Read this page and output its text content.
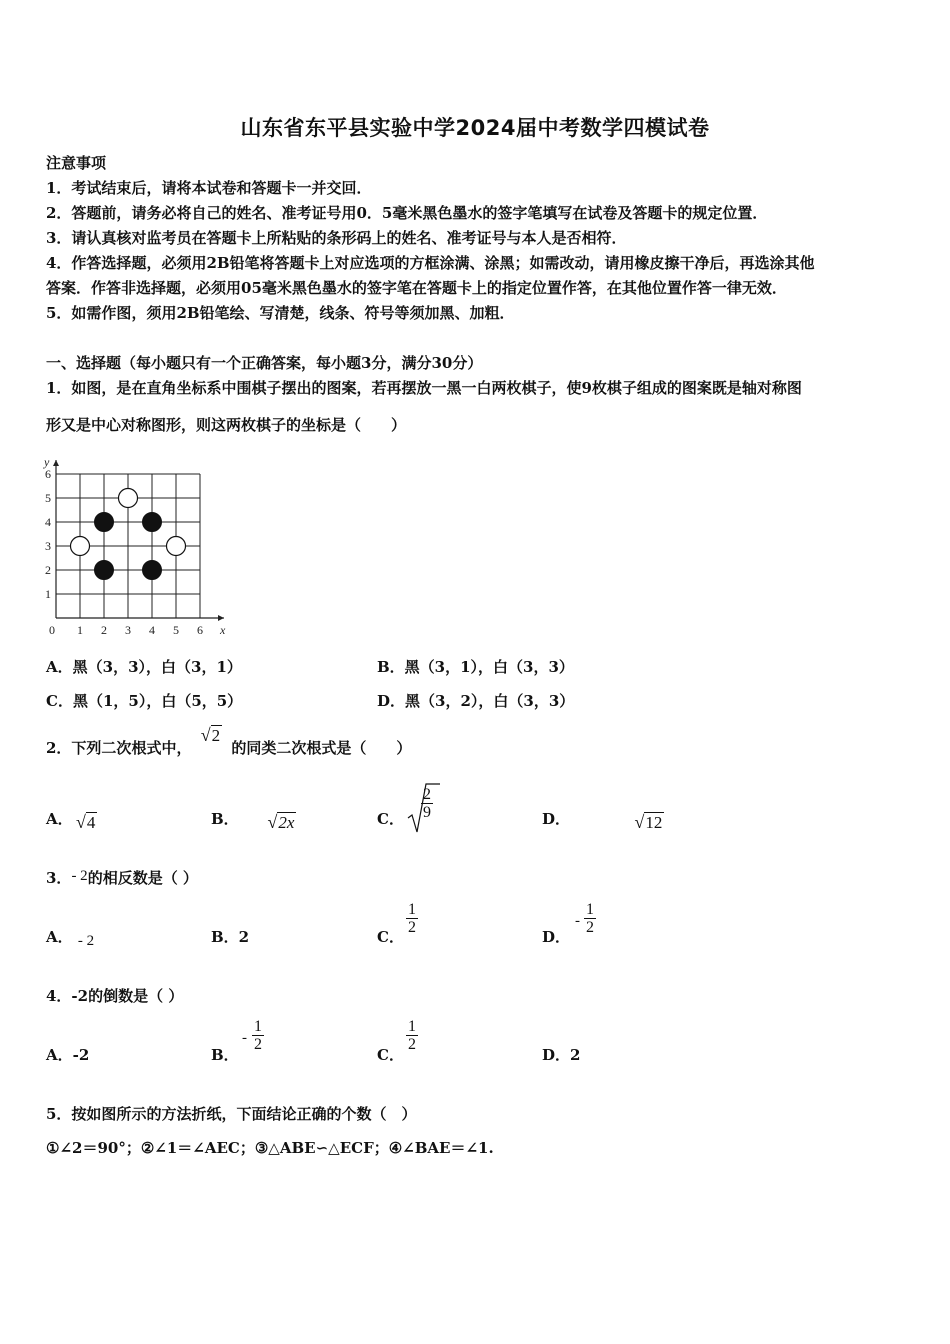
山东省东平县实验中学2024届中考数学四模试卷
注意事项
1．考试结束后，请将本试卷和答题卡一并交回．
2．答题前，请务必将自己的姓名、准考证号用0．5毫米黑色墨水的签字笔填写在试卷及答题卡的规定位置．
3．请认真核对监考员在答题卡上所粘贴的条形码上的姓名、准考证号与本人是否相符．
4．作答选择题，必须用2B铅笔将答题卡上对应选项的方框涂满、涂黑；如需改动，请用橡皮擦干净后，再选涂其他
答案．作答非选择题，必须用05毫米黑色墨水的签字笔在答题卡上的指定位置作答，在其他位置作答一律无效．
5．如需作图，须用2B铅笔绘、写清楚，线条、符号等须加黑、加粗．
一、选择题（每小题只有一个正确答案，每小题3分，满分30分）
1．如图，是在直角坐标系中围棋子摆出的图案，若再摆放一黑一白两枚棋子，使9枚棋子组成的图案既是轴对称图
形又是中心对称图形，则这两枚棋子的坐标是（　　）
0 1 2 3 4 5 6
1
2
3
4
5
6
x
y
A．黑（3，3），白（3，1）	B．黑（3，1），白（3，3）
C．黑（1，5），白（5，5）	D．黑（3，2），白（3，3）
2．下列二次根式中， √2 的同类二次根式是（　　）
A． √4	B． √2x	C． $\frac{2}{9}$	D．	√12
3．- 2的相反数是（ ）
A． - 2	B．2	C．
$\frac{1}{2}$
D．
- $\frac{1}{2}$
4．-2的倒数是（ ）
A．-2	B．
- $\frac{1}{2}$
C．
$\frac{1}{2}$
D．2
5．按如图所示的方法折纸，下面结论正确的个数（　）
①∠2＝90°；②∠1＝∠AEC；③△ABE∽△ECF；④∠BAE＝∠1.
